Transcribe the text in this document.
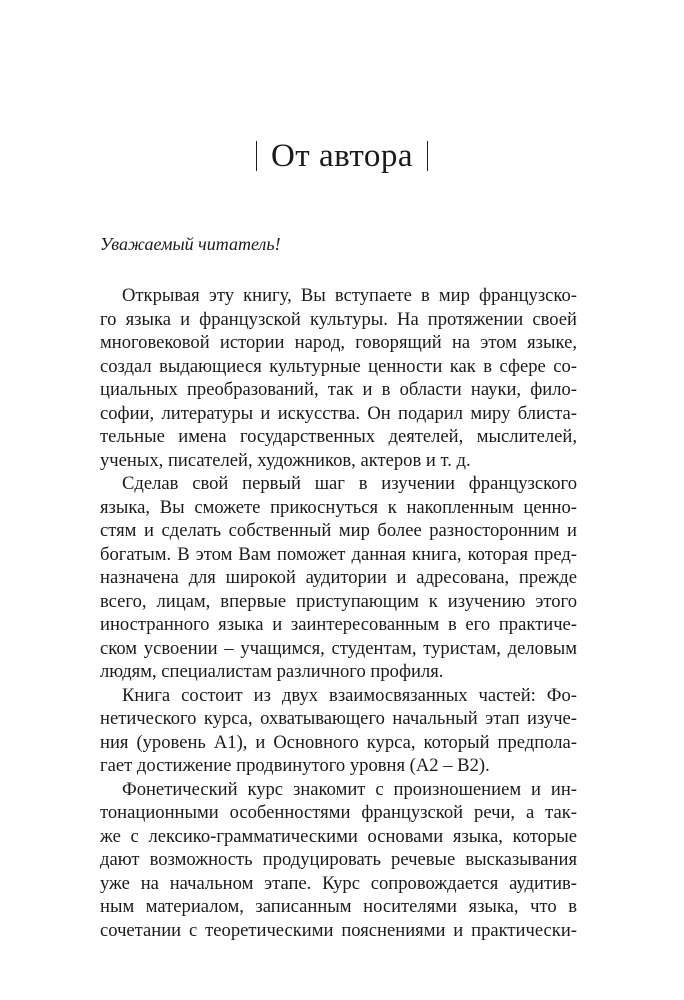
От автора
Уважаемый читатель!
Открывая эту книгу, Вы вступаете в мир французско-
го языка и французской культуры. На протяжении своей
многовековой истории народ, говорящий на этом языке,
создал выдающиеся культурные ценности как в сфере со-
циальных преобразований, так и в области науки, фило-
софии, литературы и искусства. Он подарил миру блиста-
тельные имена государственных деятелей, мыслителей,
ученых, писателей, художников, актеров и т. д.
Сделав свой первый шаг в изучении французского
языка, Вы сможете прикоснуться к накопленным ценно-
стям и сделать собственный мир более разносторонним и
богатым. В этом Вам поможет данная книга, которая пред-
назначена для широкой аудитории и адресована, прежде
всего, лицам, впервые приступающим к изучению этого
иностранного языка и заинтересованным в его практиче-
ском усвоении – учащимся, студентам, туристам, деловым
людям, специалистам различного профиля.
Книга состоит из двух взаимосвязанных частей: Фо-
нетического курса, охватывающего начальный этап изуче-
ния (уровень А1), и Основного курса, который предпола-
гает достижение продвинутого уровня (А2 – В2).
Фонетический курс знакомит с произношением и ин-
тонационными особенностями французской речи, а так-
же с лексико-грамматическими основами языка, которые
дают возможность продуцировать речевые высказывания
уже на начальном этапе. Курс сопровождается аудитив-
ным материалом, записанным носителями языка, что в
сочетании с теоретическими пояснениями и практически-
